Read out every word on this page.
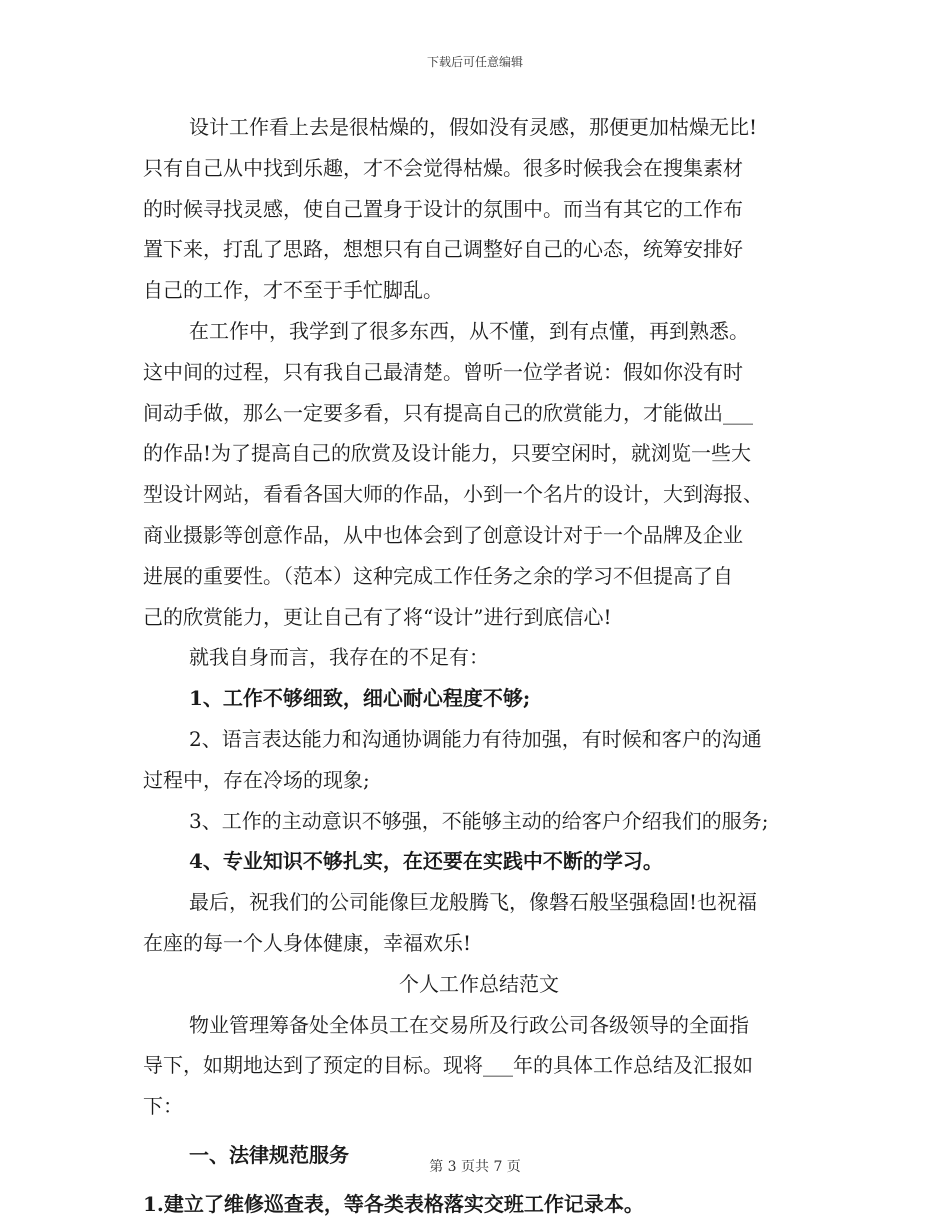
下载后可任意编辑

设计工作看上去是很枯燥的，假如没有灵感，那便更加枯燥无比!

只有自己从中找到乐趣，才不会觉得枯燥。很多时候我会在搜集素材

的时候寻找灵感，使自己置身于设计的氛围中。而当有其它的工作布

置下来，打乱了思路，想想只有自己调整好自己的心态，统筹安排好

自己的工作，才不至于手忙脚乱。

在工作中，我学到了很多东西，从不懂，到有点懂，再到熟悉。

这中间的过程，只有我自己最清楚。曾听一位学者说：假如你没有时

间动手做，那么一定要多看，只有提高自己的欣赏能力，才能做出___

的作品!为了提高自己的欣赏及设计能力，只要空闲时，就浏览一些大

型设计网站，看看各国大师的作品，小到一个名片的设计，大到海报、

商业摄影等创意作品，从中也体会到了创意设计对于一个品牌及企业

进展的重要性。（范本）这种完成工作任务之余的学习不但提高了自

己的欣赏能力，更让自己有了将“设计”进行到底信心!

就我自身而言，我存在的不足有：

1、工作不够细致，细心耐心程度不够;

2、语言表达能力和沟通协调能力有待加强，有时候和客户的沟通

过程中，存在冷场的现象;

3、工作的主动意识不够强，不能够主动的给客户介绍我们的服务;

4、专业知识不够扎实，在还要在实践中不断的学习。

最后，祝我们的公司能像巨龙般腾飞，像磐石般坚强稳固!也祝福

在座的每一个人身体健康，幸福欢乐!

个人工作总结范文

物业管理筹备处全体员工在交易所及行政公司各级领导的全面指

导下，如期地达到了预定的目标。现将___年的具体工作总结及汇报如

下：

一、法律规范服务

1.建立了维修巡查表，等各类表格落实交班工作记录本。

第 3 页共 7 页
